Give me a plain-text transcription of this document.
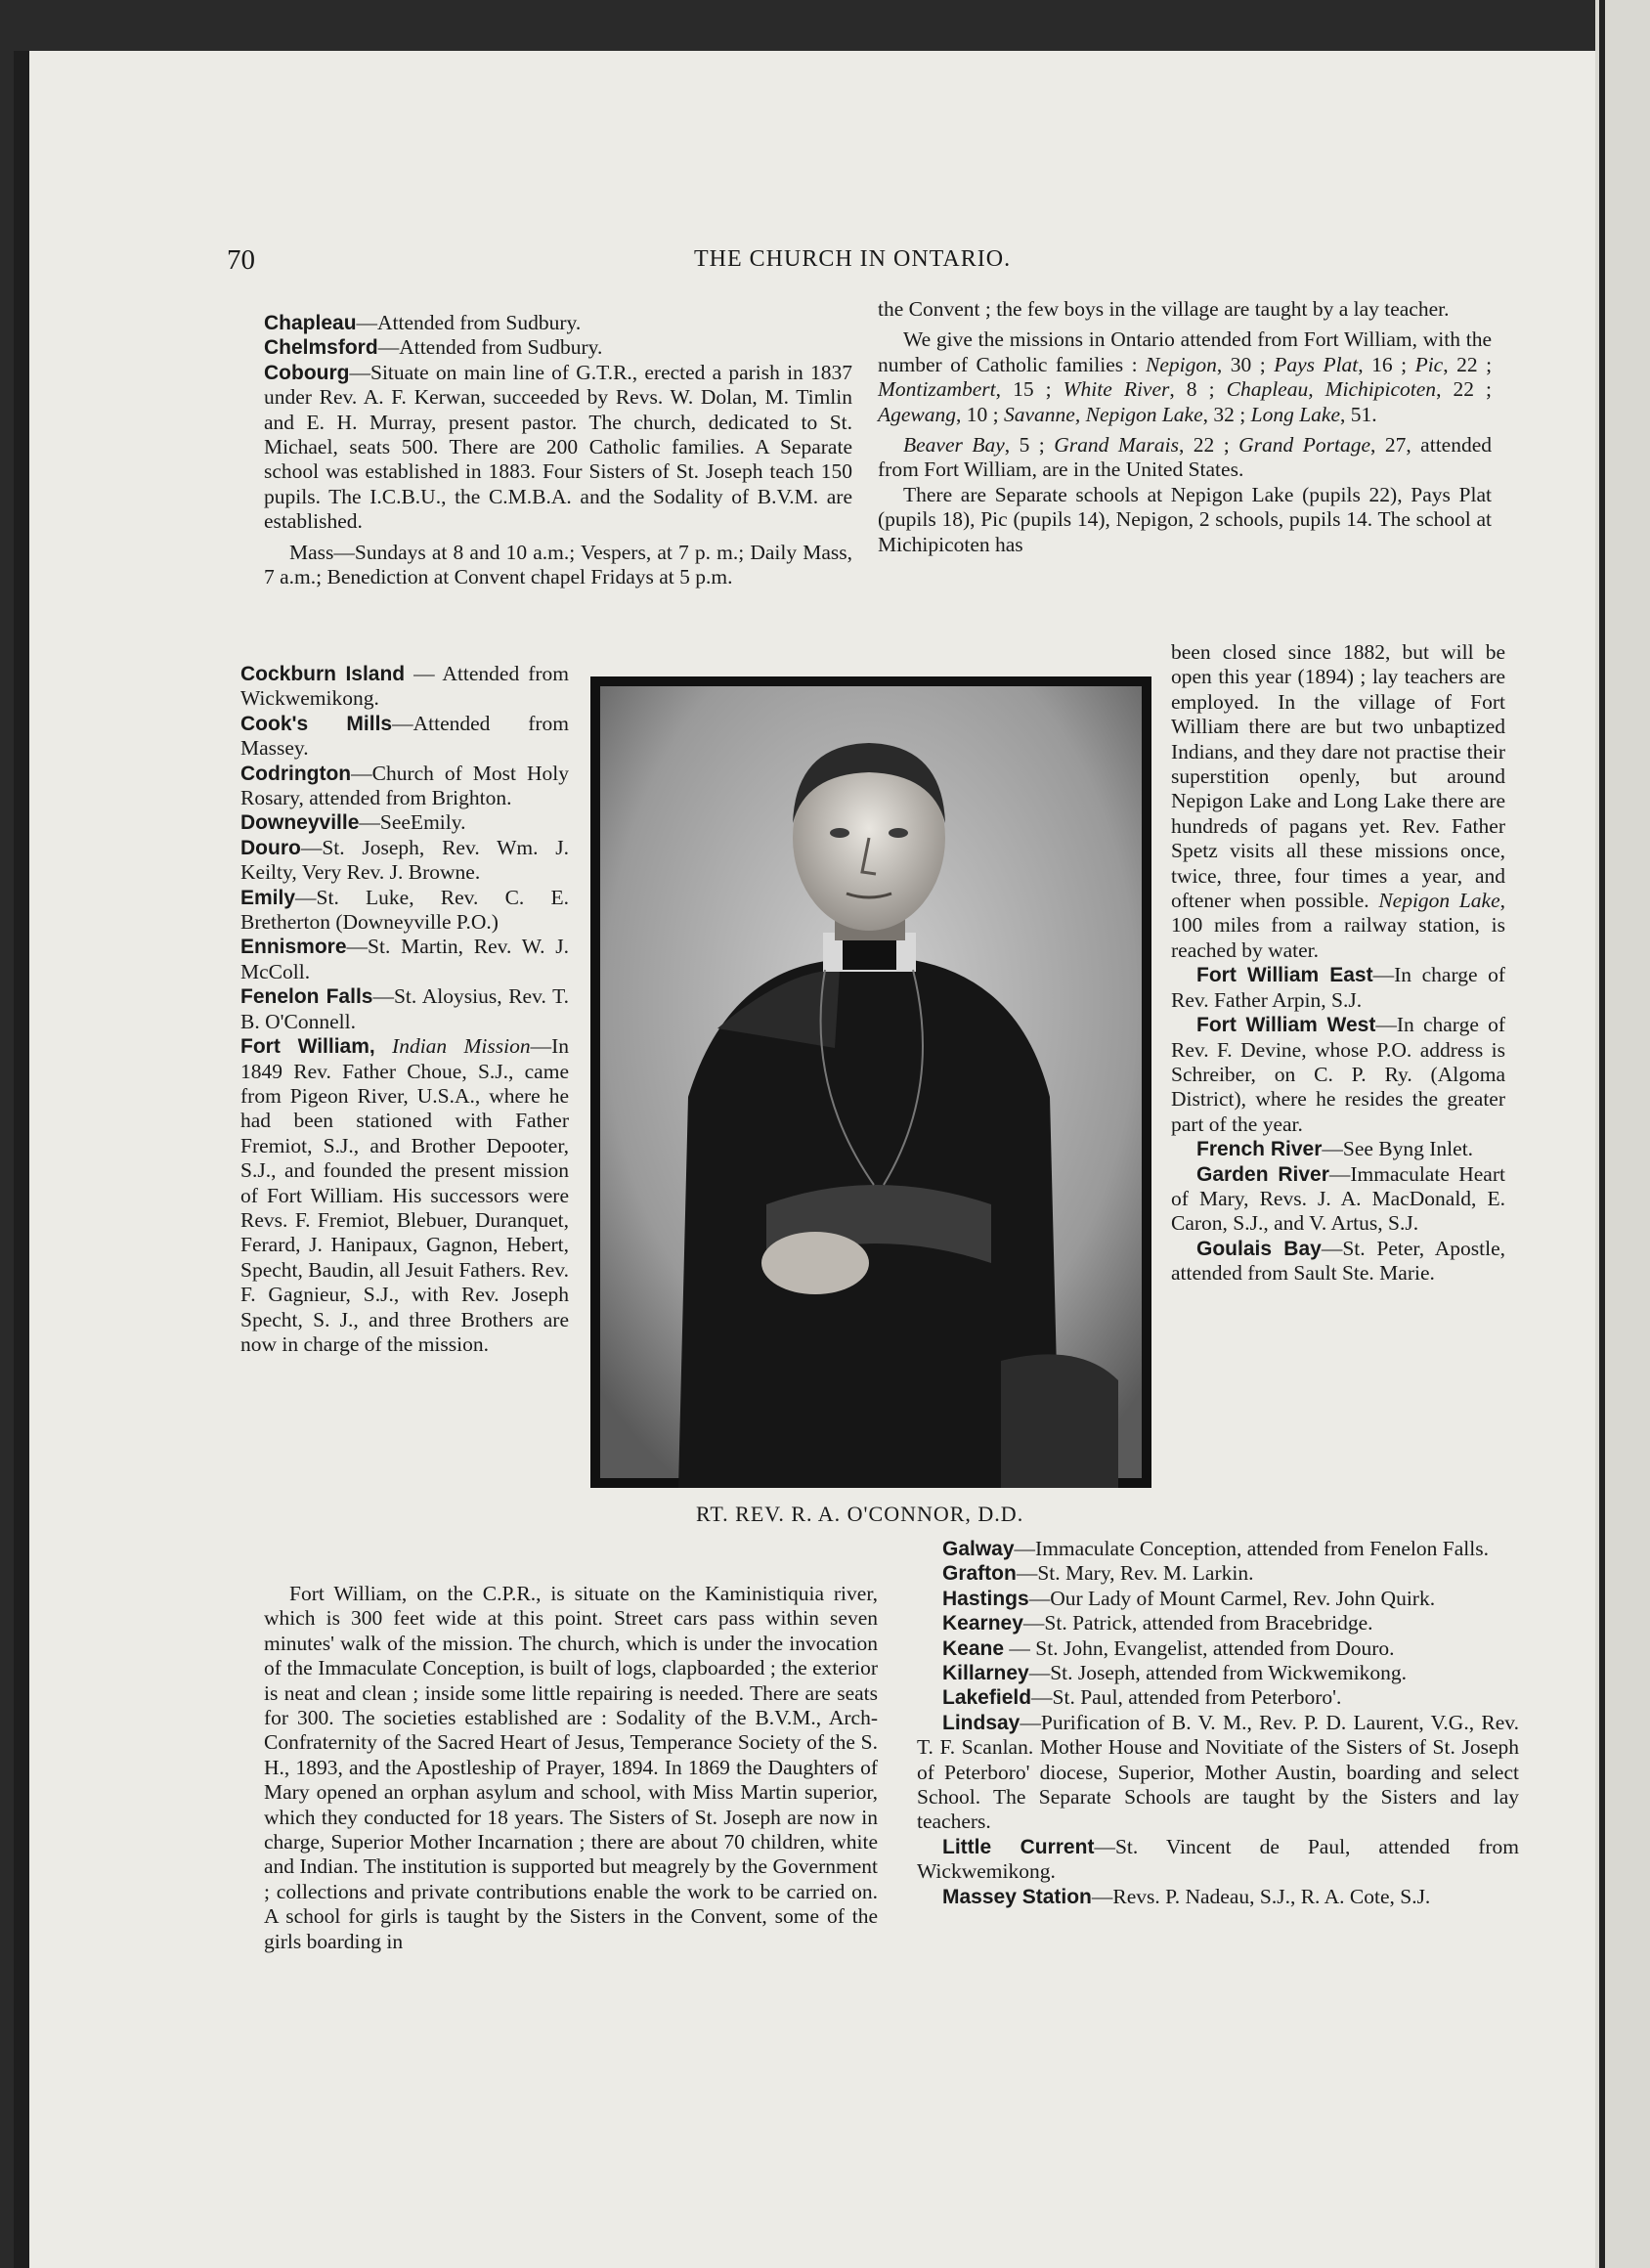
70	THE CHURCH IN ONTARIO.

Chapleau—Attended from Sudbury.

Chelmsford—Attended from Sudbury.

Cobourg—Situate on main line of G.T.R., erected a parish in 1837 under Rev. A. F. Kerwan, succeeded by Revs. W. Dolan, M. Timlin and E. H. Murray, present pastor. The church, dedicated to St. Michael, seats 500. There are 200 Catholic families. A Separate school was established in 1883. Four Sisters of St. Joseph teach 150 pupils. The I.C.B.U., the C.M.B.A. and the Sodality of B.V.M. are established.

Mass—Sundays at 8 and 10 a.m.; Vespers, at 7 p. m.; Daily Mass, 7 a.m.; Benediction at Convent chapel Fridays at 5 p.m.

Cockburn Island — Attended from Wickwemikong.

Cook's Mills—Attended from Massey.

Codrington—Church of Most Holy Rosary, attended from Brighton.

Downeyville—SeeEmily.

Douro—St. Joseph, Rev. Wm. J. Keilty, Very Rev. J. Browne.

Emily—St. Luke, Rev. C. E. Bretherton (Downeyville P.O.)

Ennismore—St. Martin, Rev. W. J. McColl.

Fenelon Falls—St. Aloysius, Rev. T. B. O'Connell.

Fort William, Indian Mission—In 1849 Rev. Father Choue, S.J., came from Pigeon River, U.S.A., where he had been stationed with Father Fremiot, S.J., and Brother Depooter, S.J., and founded the present mission of Fort William. His successors were Revs. F. Fremiot, Blebuer, Duranquet, Ferard, J. Hanipaux, Gagnon, Hebert, Specht, Baudin, all Jesuit Fathers. Rev. F. Gagnieur, S.J., with Rev. Joseph Specht, S. J., and three Brothers are now in charge of the mission.

Fort William, on the C.P.R., is situate on the Kaministiquia river, which is 300 feet wide at this point. Street cars pass within seven minutes' walk of the mission. The church, which is under the invocation of the Immaculate Conception, is built of logs, clapboarded ; the exterior is neat and clean ; inside some little repairing is needed. There are seats for 300. The societies established are : Sodality of the B.V.M., Arch-Confraternity of the Sacred Heart of Jesus, Temperance Society of the S. H., 1893, and the Apostleship of Prayer, 1894. In 1869 the Daughters of Mary opened an orphan asylum and school, with Miss Martin superior, which they conducted for 18 years. The Sisters of St. Joseph are now in charge, Superior Mother Incarnation ; there are about 70 children, white and Indian. The institution is supported but meagrely by the Government ; collections and private contributions enable the work to be carried on. A school for girls is taught by the Sisters in the Convent, some of the girls boarding in

the Convent ; the few boys in the village are taught by a lay teacher.

We give the missions in Ontario attended from Fort William, with the number of Catholic families : Nepigon, 30 ; Pays Plat, 16 ; Pic, 22 ; Montizambert, 15 ; White River, 8 ; Chapleau, Michipicoten, 22 ; Agewang, 10 ; Savanne, Nepigon Lake, 32 ; Long Lake, 51.

Beaver Bay, 5 ; Grand Marais, 22 ; Grand Portage, 27, attended from Fort William, are in the United States.

There are Separate schools at Nepigon Lake (pupils 22), Pays Plat (pupils 18), Pic (pupils 14), Nepigon, 2 schools, pupils 14. The school at Michipicoten has

been closed since 1882, but will be open this year (1894) ; lay teachers are employed. In the village of Fort William there are but two unbaptized Indians, and they dare not practise their superstition openly, but around Nepigon Lake and Long Lake there are hundreds of pagans yet. Rev. Father Spetz visits all these missions once, twice, three, four times a year, and oftener when possible. Nepigon Lake, 100 miles from a railway station, is reached by water.

Fort William East—In charge of Rev. Father Arpin, S.J.

Fort William West—In charge of Rev. F. Devine, whose P.O. address is Schreiber, on C. P. Ry. (Algoma District), where he resides the greater part of the year.

French River—See Byng Inlet.

Garden River—Immaculate Heart of Mary, Revs. J. A. MacDonald, E. Caron, S.J., and V. Artus, S.J.

Goulais Bay—St. Peter, Apostle, attended from Sault Ste. Marie.

Galway—Immaculate Conception, attended from Fenelon Falls.

Grafton—St. Mary, Rev. M. Larkin.

Hastings—Our Lady of Mount Carmel, Rev. John Quirk.

Kearney—St. Patrick, attended from Bracebridge.

Keane — St. John, Evangelist, attended from Douro.

Killarney—St. Joseph, attended from Wickwemikong.

Lakefield—St. Paul, attended from Peterboro'.

Lindsay—Purification of B. V. M., Rev. P. D. Laurent, V.G., Rev. T. F. Scanlan. Mother House and Novitiate of the Sisters of St. Joseph of Peterboro' diocese, Superior, Mother Austin, boarding and select School. The Separate Schools are taught by the Sisters and lay teachers.

Little Current—St. Vincent de Paul, attended from Wickwemikong.

Massey Station—Revs. P. Nadeau, S.J., R. A. Cote, S.J.

RT. REV. R. A. O'CONNOR, D.D.
